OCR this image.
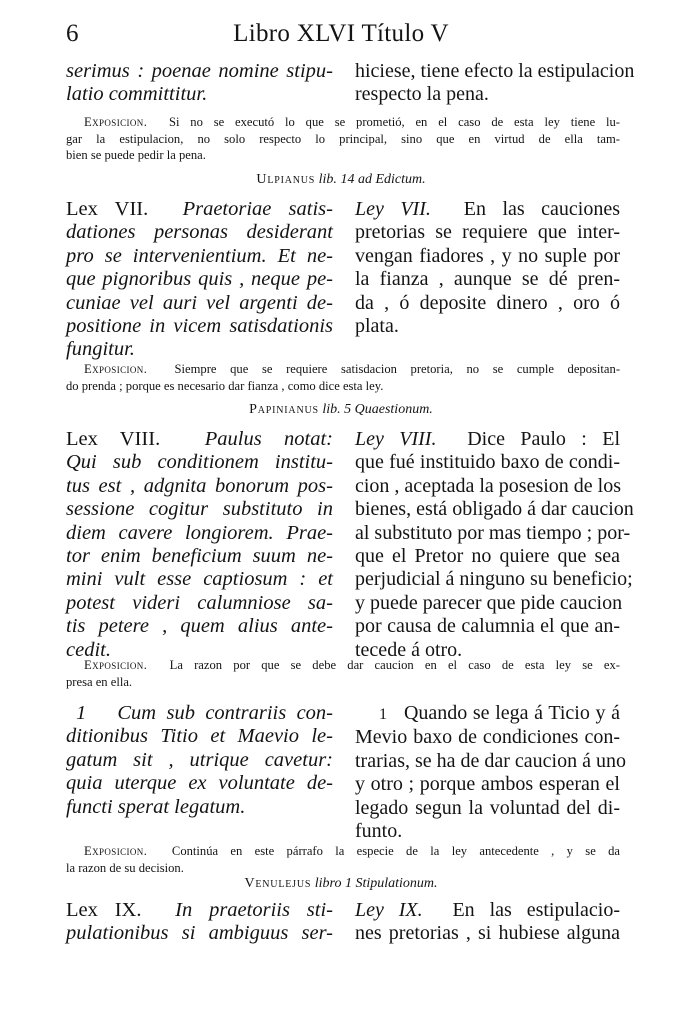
6	Libro XLVI Título V
serimus : poenae nomine stipu-
latio committitur.
hiciese, tiene efecto la estipulacion
respecto la pena.
Exposicion. Si no se executó lo que se prometió, en el caso de esta ley tiene lu-
gar la estipulacion, no solo respecto lo principal, sino que en virtud de ella tam-
bien se puede pedir la pena.
Ulpianus lib. 14 ad Edictum.
Lex VII. Praetoriae satis-
dationes personas desiderant
pro se intervenientium. Et ne-
que pignoribus quis , neque pe-
cuniae vel auri vel argenti de-
positione in vicem satisdationis
fungitur.
Ley VII. En las cauciones
pretorias se requiere que inter-
vengan fiadores , y no suple por
la fianza , aunque se dé pren-
da , ó deposite dinero , oro ó
plata.
Exposicion. Siempre que se requiere satisdacion pretoria, no se cumple depositan-
do prenda ; porque es necesario dar fianza , como dice esta ley.
Papinianus lib. 5 Quaestionum.
Lex VIII. Paulus notat:
Qui sub conditionem institu-
tus est , adgnita bonorum pos-
sessione cogitur substituto in
diem cavere longiorem. Prae-
tor enim beneficium suum ne-
mini vult esse captiosum : et
potest videri calumniose sa-
tis petere , quem alius ante-
cedit.
Ley VIII. Dice Paulo : El
que fué instituido baxo de condi-
cion , aceptada la posesion de los
bienes, está obligado á dar caucion
al substituto por mas tiempo ; por-
que el Pretor no quiere que sea
perjudicial á ninguno su beneficio;
y puede parecer que pide caucion
por causa de calumnia el que an-
tecede á otro.
Exposicion. La razon por que se debe dar caucion en el caso de esta ley se ex-
presa en ella.
1 Cum sub contrariis con-
ditionibus Titio et Maevio le-
gatum sit , utrique cavetur:
quia uterque ex voluntate de-
functi sperat legatum.
1 Quando se lega á Ticio y á
Mevio baxo de condiciones con-
trarias, se ha de dar caucion á uno
y otro ; porque ambos esperan el
legado segun la voluntad del di-
funto.
Exposicion. Continúa en este párrafo la especie de la ley antecedente , y se da
la razon de su decision.
Venulejus libro 1 Stipulationum.
Lex IX. In praetoriis sti-
pulationibus si ambiguus ser-
Ley IX. En las estipulacio-
nes pretorias , si hubiese alguna
